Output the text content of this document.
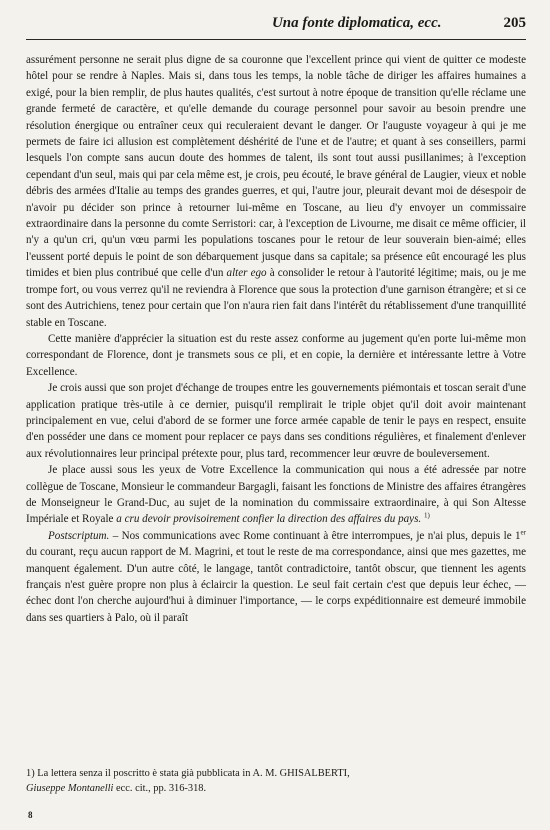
Una fonte diplomatica, ecc.	205

assurément personne ne serait plus digne de sa couronne que l'excellent prince qui vient de quitter ce modeste hôtel pour se rendre à Naples. Mais si, dans tous les temps, la noble tâche de diriger les affaires humaines a exigé, pour la bien remplir, de plus hautes qualités, c'est surtout à notre époque de transition qu'elle réclame une grande fermeté de caractère, et qu'elle demande du courage personnel pour savoir au besoin prendre une résolution énergique ou entraîner ceux qui reculeraient devant le danger. Or l'auguste voyageur à qui je me permets de faire ici allusion est complètement déshérité de l'une et de l'autre; et quant à ses conseillers, parmi lesquels l'on compte sans aucun doute des hommes de talent, ils sont tout aussi pusillanimes; à l'exception cependant d'un seul, mais qui par cela même est, je crois, peu écouté, le brave général de Laugier, vieux et noble débris des armées d'Italie au temps des grandes guerres, et qui, l'autre jour, pleurait devant moi de désespoir de n'avoir pu décider son prince à retourner lui-même en Toscane, au lieu d'y envoyer un commissaire extraordinaire dans la personne du comte Serristori: car, à l'exception de Livourne, me disait ce même officier, il n'y a qu'un cri, qu'un vœu parmi les populations toscanes pour le retour de leur souverain bien-aimé; elles l'eussent porté depuis le point de son débarquement jusque dans sa capitale; sa présence eût encouragé les plus timides et bien plus contribué que celle d'un alter ego à consolider le retour à l'autorité légitime; mais, ou je me trompe fort, ou vous verrez qu'il ne reviendra à Florence que sous la protection d'une garnison étrangère; et si ce sont des Autrichiens, tenez pour certain que l'on n'aura rien fait dans l'intérêt du rétablissement d'une tranquillité stable en Toscane.

Cette manière d'apprécier la situation est du reste assez conforme au jugement qu'en porte lui-même mon correspondant de Florence, dont je transmets sous ce pli, et en copie, la dernière et intéressante lettre à Votre Excellence.

Je crois aussi que son projet d'échange de troupes entre les gouvernements piémontais et toscan serait d'une application pratique très-utile à ce dernier, puisqu'il remplirait le triple objet qu'il doit avoir maintenant principalement en vue, celui d'abord de se former une force armée capable de tenir le pays en respect, ensuite d'en posséder une dans ce moment pour replacer ce pays dans ses conditions régulières, et finalement d'enlever aux révolutionnaires leur principal prétexte pour, plus tard, recommencer leur œuvre de bouleversement.

Je place aussi sous les yeux de Votre Excellence la communication qui nous a été adressée par notre collègue de Toscane, Monsieur le commandeur Bargagli, faisant les fonctions de Ministre des affaires étrangères de Monseigneur le Grand-Duc, au sujet de la nomination du commissaire extraordinaire, à qui Son Altesse Impériale et Royale a cru devoir provisoirement confier la direction des affaires du pays. $^{1)}$

Postscriptum. – Nos communications avec Rome continuant à être interrompues, je n'ai plus, depuis le 1er du courant, reçu aucun rapport de M. Magrini, et tout le reste de ma correspondance, ainsi que mes gazettes, me manquent également. D'un autre côté, le langage, tantôt contradictoire, tantôt obscur, que tiennent les agents français n'est guère propre non plus à éclaircir la question. Le seul fait certain c'est que depuis leur échec, — échec dont l'on cherche aujourd'hui à diminuer l'importance, — le corps expéditionnaire est demeuré immobile dans ses quartiers à Palo, où il paraît

1) La lettera senza il poscritto è stata già pubblicata in A. M. GHISALBERTI,
Giuseppe Montanelli ecc. cit., pp. 316-318.
8
